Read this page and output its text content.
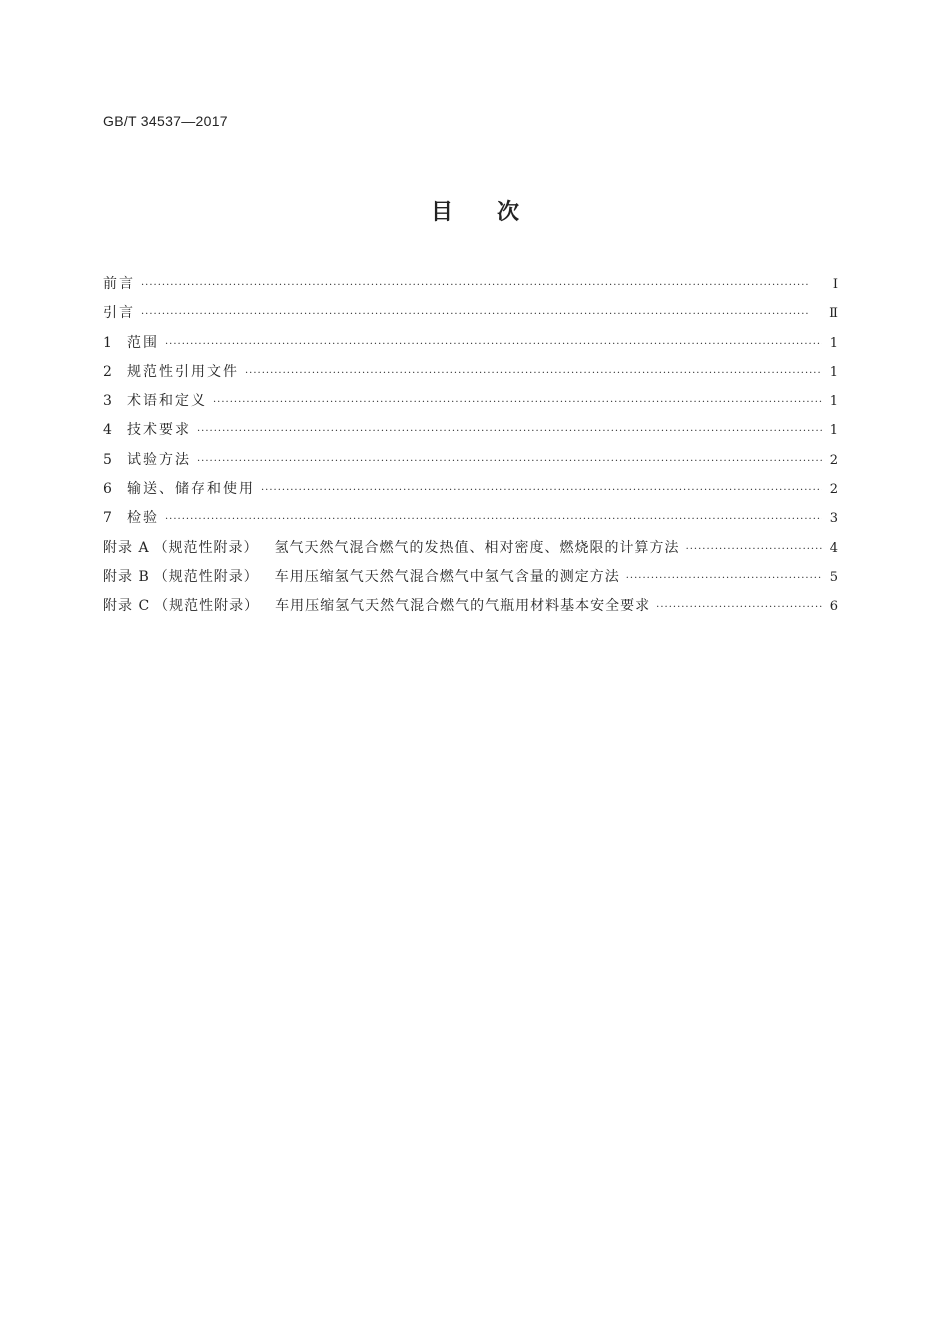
GB/T 34537—2017
目 次
前言 ·····	Ⅰ
引言 ·····	Ⅱ
1 范围 ·····	1
2 规范性引用文件 ·····	1
3 术语和定义 ·····	1
4 技术要求 ·····	1
5 试验方法 ·····	2
6 输送、储存和使用 ·····	2
7 检验 ·····	3
附录 A （规范性附录） 氢气天然气混合燃气的发热值、相对密度、燃烧限的计算方法 ·····	4
附录 B （规范性附录） 车用压缩氢气天然气混合燃气中氢气含量的测定方法 ·····	5
附录 C （规范性附录） 车用压缩氢气天然气混合燃气的气瓶用材料基本安全要求 ·····	6
